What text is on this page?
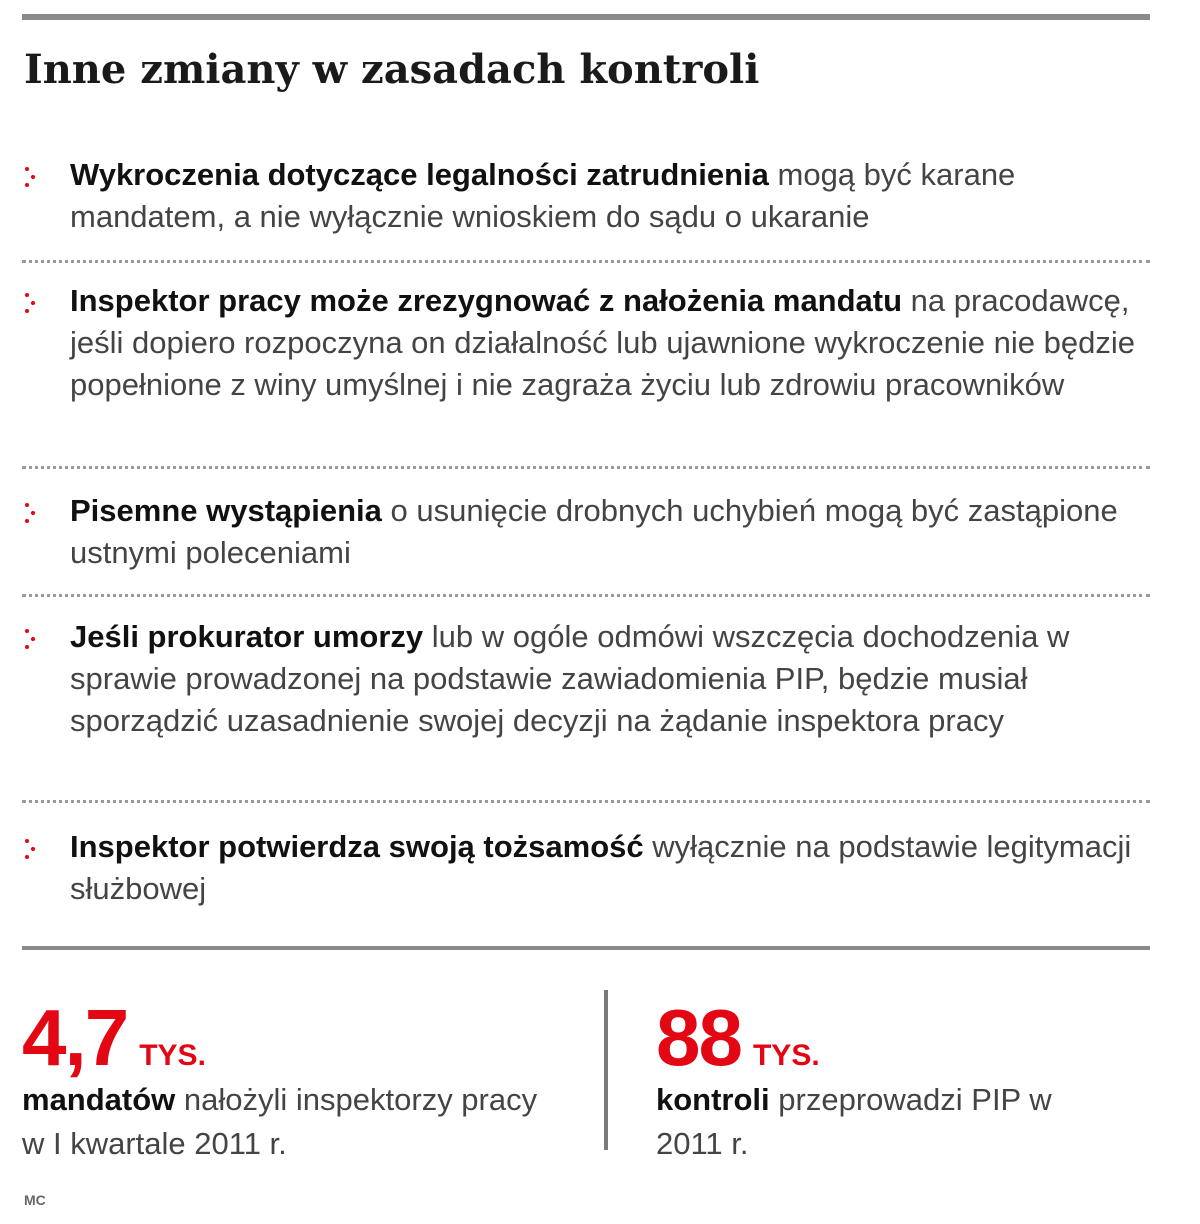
Inne zmiany w zasadach kontroli
Wykroczenia dotyczące legalności zatrudnienia mogą być karane mandatem, a nie wyłącznie wnioskiem do sądu o ukaranie
Inspektor pracy może zrezygnować z nałożenia mandatu na pracodawcę, jeśli dopiero rozpoczyna on działalność lub ujawnione wykroczenie nie będzie popełnione z winy umyślnej i nie zagraża życiu lub zdrowiu pracowników
Pisemne wystąpienia o usunięcie drobnych uchybień mogą być zastąpione ustnymi poleceniami
Jeśli prokurator umorzy lub w ogóle odmówi wszczęcia dochodzenia w sprawie prowadzonej na podstawie zawiadomienia PIP, będzie musiał sporządzić uzasadnienie swojej decyzji na żądanie inspektora pracy
Inspektor potwierdza swoją tożsamość wyłącznie na podstawie legitymacji służbowej
4,7 TYS.
mandatów nałożyli inspektorzy pracy w I kwartale 2011 r.
88 TYS.
kontroli przeprowadzi PIP w 2011 r.
MC
